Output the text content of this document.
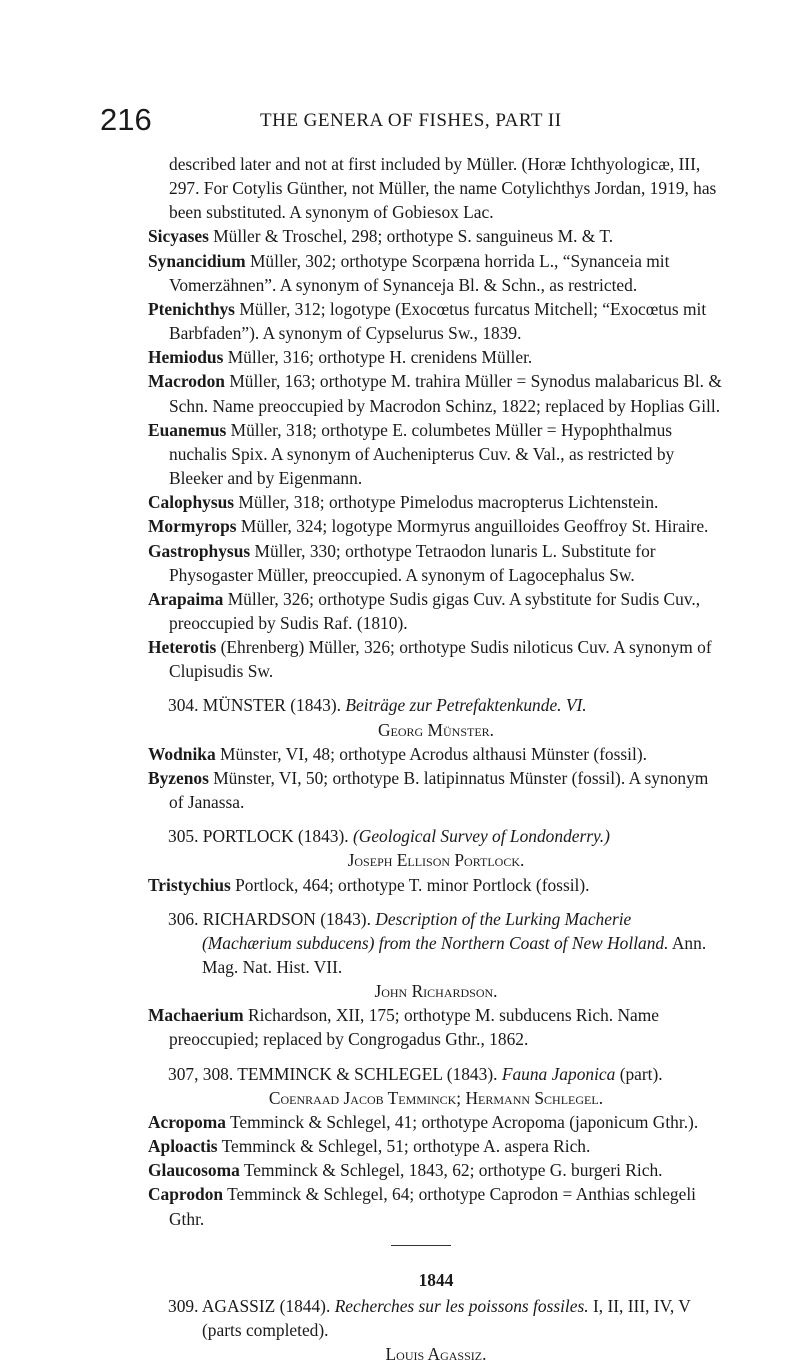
216	THE GENERA OF FISHES, PART II

described later and not at first included by Müller. (Horæ Ichthyologicæ, III, 297. For Cotylis Günther, not Müller, the name Cotylichthys Jordan, 1919, has been substituted. A synonym of Gobiesox Lac.

Sicyases Müller & Troschel, 298; orthotype S. sanguineus M. & T.

Synancidium Müller, 302; orthotype Scorpæna horrida L., “Synanceia mit Vomerzähnen”. A synonym of Synanceja Bl. & Schn., as restricted.

Ptenichthys Müller, 312; logotype (Exocœtus furcatus Mitchell; “Exocœtus mit Barbfaden”). A synonym of Cypselurus Sw., 1839.

Hemiodus Müller, 316; orthotype H. crenidens Müller.

Macrodon Müller, 163; orthotype M. trahira Müller = Synodus malabaricus Bl. & Schn. Name preoccupied by Macrodon Schinz, 1822; replaced by Hoplias Gill.

Euanemus Müller, 318; orthotype E. columbetes Müller = Hypophthalmus nuchalis Spix. A synonym of Auchenipterus Cuv. & Val., as restricted by Bleeker and by Eigenmann.

Calophysus Müller, 318; orthotype Pimelodus macropterus Lichtenstein.

Mormyrops Müller, 324; logotype Mormyrus anguilloides Geoffroy St. Hiraire.

Gastrophysus Müller, 330; orthotype Tetraodon lunaris L. Substitute for Physogaster Müller, preoccupied. A synonym of Lagocephalus Sw.

Arapaima Müller, 326; orthotype Sudis gigas Cuv. A sybstitute for Sudis Cuv., preoccupied by Sudis Raf. (1810).

Heterotis (Ehrenberg) Müller, 326; orthotype Sudis niloticus Cuv. A synonym of Clupisudis Sw.

304. MÜNSTER (1843). Beiträge zur Petrefaktenkunde. VI.

Georg Münster.

Wodnika Münster, VI, 48; orthotype Acrodus althausi Münster (fossil).

Byzenos Münster, VI, 50; orthotype B. latipinnatus Münster (fossil). A synonym of Janassa.

305. PORTLOCK (1843). (Geological Survey of Londonderry.)

Joseph Ellison Portlock.

Tristychius Portlock, 464; orthotype T. minor Portlock (fossil).

306. RICHARDSON (1843). Description of the Lurking Macherie (Machærium subducens) from the Northern Coast of New Holland. Ann. Mag. Nat. Hist. VII.

John Richardson.

Machaerium Richardson, XII, 175; orthotype M. subducens Rich. Name preoccupied; replaced by Congrogadus Gthr., 1862.

307, 308. TEMMINCK & SCHLEGEL (1843). Fauna Japonica (part).

Coenraad Jacob Temminck; Hermann Schlegel.

Acropoma Temminck & Schlegel, 41; orthotype Acropoma (japonicum Gthr.).

Aploactis Temminck & Schlegel, 51; orthotype A. aspera Rich.

Glaucosoma Temminck & Schlegel, 1843, 62; orthotype G. burgeri Rich.

Caprodon Temminck & Schlegel, 64; orthotype Caprodon = Anthias schlegeli Gthr.

1844

309. AGASSIZ (1844). Recherches sur les poissons fossiles. I, II, III, IV, V (parts completed).

Louis Agassiz.
